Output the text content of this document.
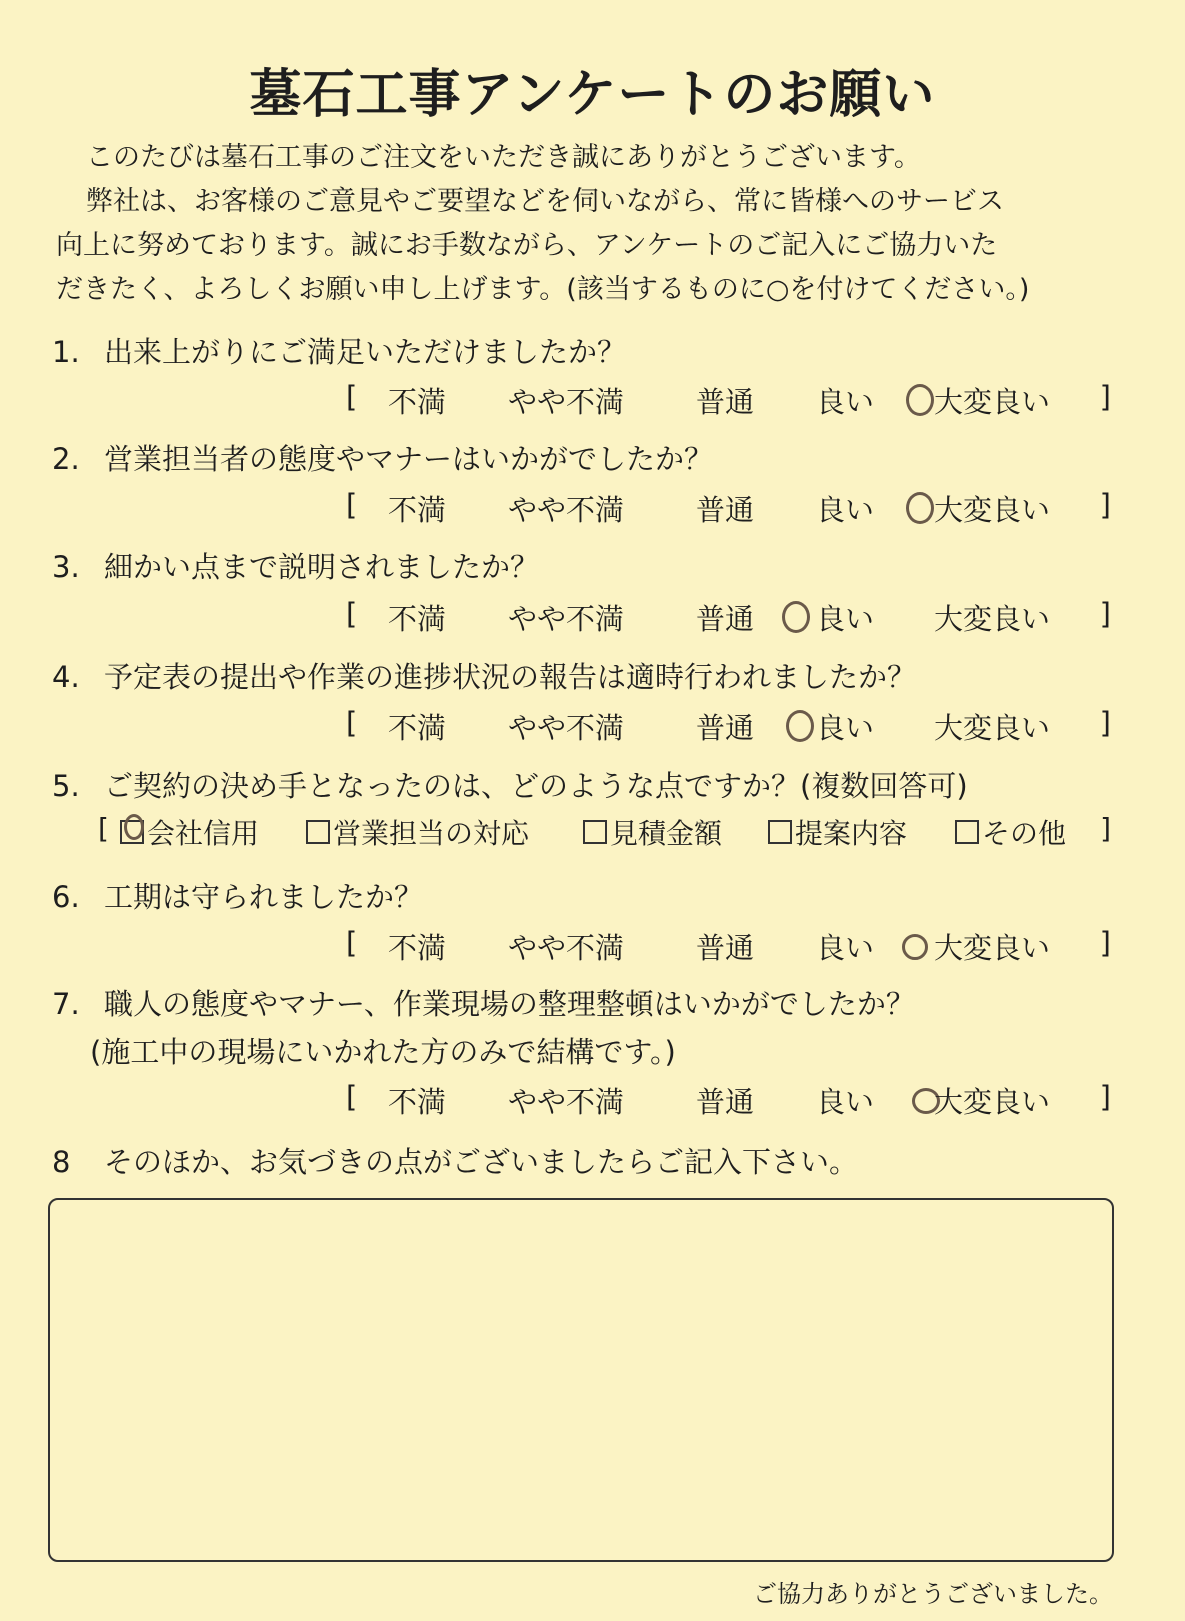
墓石工事アンケートのお願い

このたびは墓石工事のご注文をいただき誠にありがとうございます。

弊社は、お客様のご意見やご要望などを伺いながら、常に皆様へのサービス

向上に努めております。誠にお手数ながら、アンケートのご記入にご協力いた

だきたく、よろしくお願い申し上げます。(該当するものに○を付けてください。)

1. 出来上がりにご満足いただけましたか？
[ 不満 やや不満 普通 良い 大変良い ]
2. 営業担当者の態度やマナーはいかがでしたか？
[ 不満 やや不満 普通 良い 大変良い ]
3. 細かい点まで説明されましたか？
[ 不満 やや不満 普通 良い 大変良い ]
4. 予定表の提出や作業の進捗状況の報告は適時行われましたか？
[ 不満 やや不満 普通 良い 大変良い ]
5. ご契約の決め手となったのは、どのような点ですか？(複数回答可)
[ 会社信用	営業担当の対応	見積金額	提案内容	その他 ]
6. 工期は守られましたか？
[ 不満 やや不満 普通 良い 大変良い ]
7. 職人の態度やマナー、作業現場の整理整頓はいかがでしたか？
(施工中の現場にいかれた方のみで結構です。)
[ 不満 やや不満 普通 良い 大変良い ]
8 そのほか、お気づきの点がございましたらご記入下さい。
ご協力ありがとうございました。
